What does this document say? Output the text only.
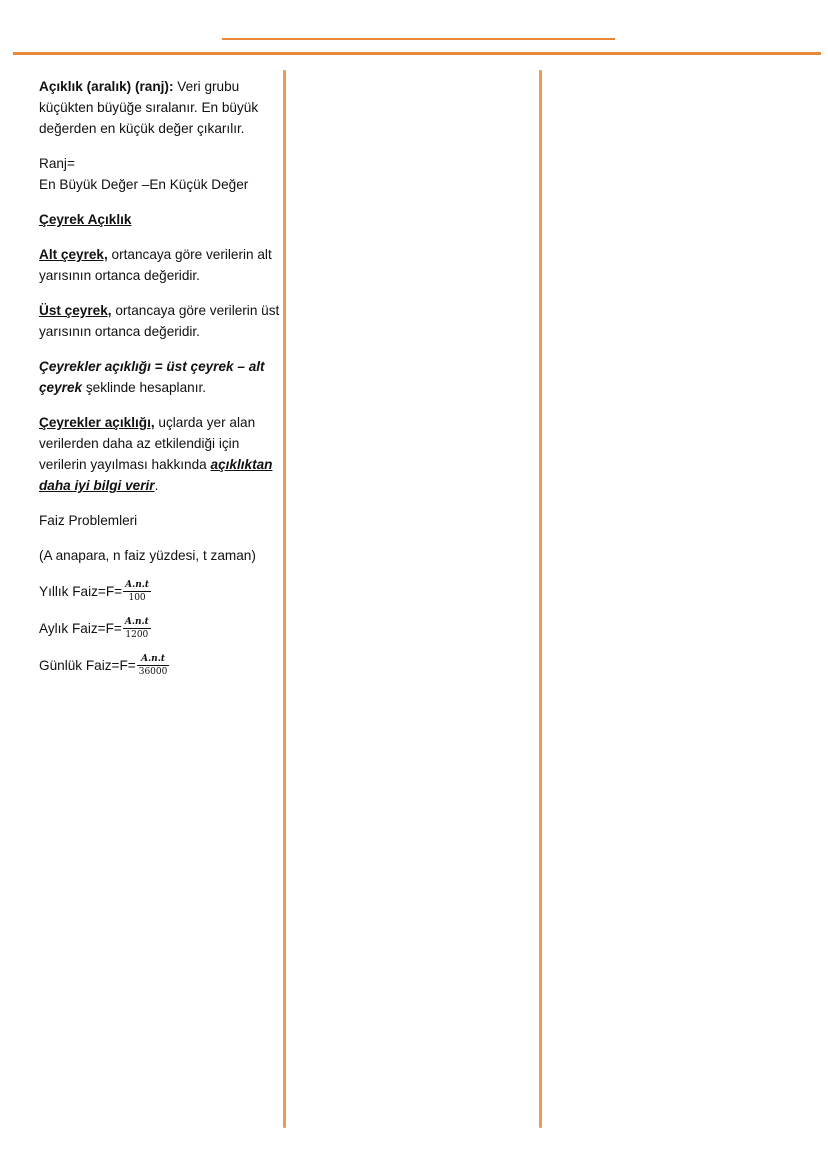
Açıklık (aralık) (ranj): Veri grubu küçükten büyüğe sıralanır. En büyük değerden en küçük değer çıkarılır.

Ranj=
En Büyük Değer –En Küçük Değer

Çeyrek Açıklık

Alt çeyrek, ortancaya göre verilerin alt yarısının ortanca değeridir.

Üst çeyrek, ortancaya göre verilerin üst yarısının ortanca değeridir.

Çeyrekler açıklığı = üst çeyrek – alt çeyrek şeklinde hesaplanır.

Çeyrekler açıklığı, uçlarda yer alan verilerden daha az etkilendiği için verilerin yayılması hakkında açıklıktan daha iyi bilgi verir.

Faiz Problemleri

(A anapara, n faiz yüzdesi, t zaman)

Yıllık Faiz=F= $\frac{A.n.t}{100}$
Aylık Faiz=F= $\frac{A.n.t}{1200}$
Günlük Faiz=F= $\frac{A.n.t}{36000}$
